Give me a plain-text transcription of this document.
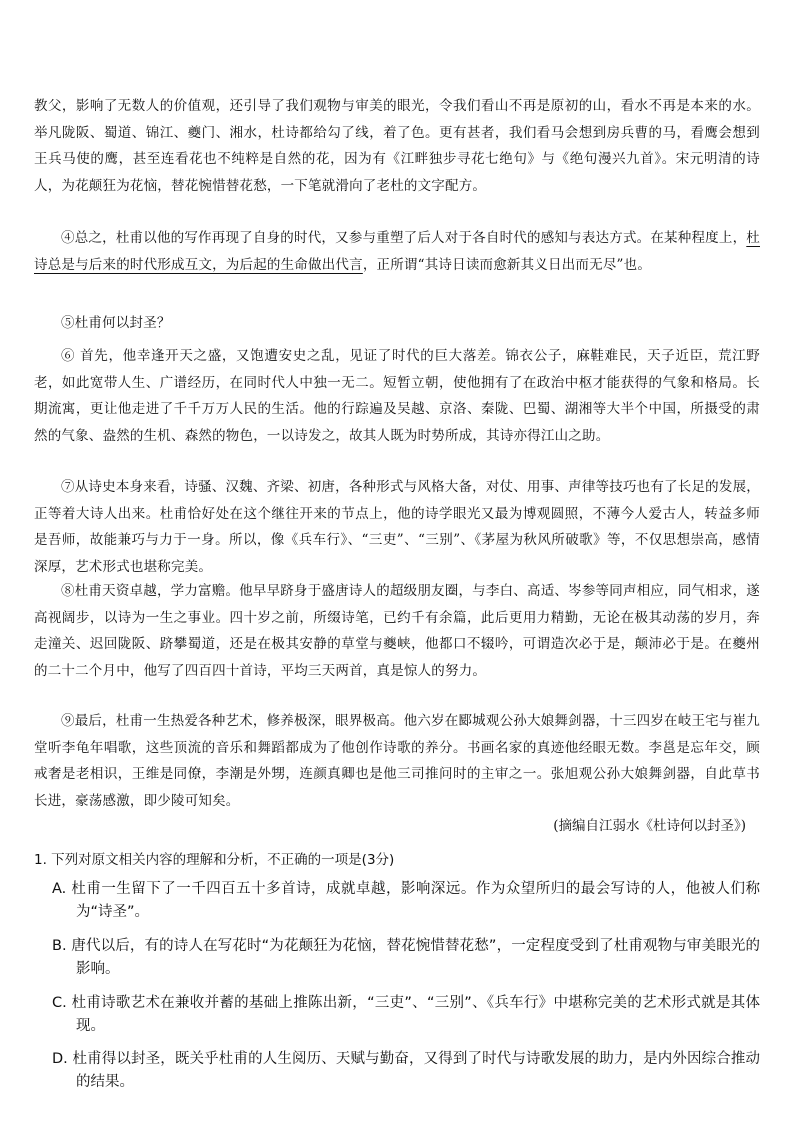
教父，影响了无数人的价值观，还引导了我们观物与审美的眼光，令我们看山不再是原初的山，看水不再是本来的水。举凡陇阪、蜀道、锦江、夔门、湘水，杜诗都给勾了线，着了色。更有甚者，我们看马会想到房兵曹的马，看鹰会想到王兵马使的鹰，甚至连看花也不纯粹是自然的花，因为有《江畔独步寻花七绝句》与《绝句漫兴九首》。宋元明清的诗人，为花颠狂为花恼，替花惋惜替花愁，一下笔就滑向了老杜的文字配方。

④总之，杜甫以他的写作再现了自身的时代，又参与重塑了后人对于各自时代的感知与表达方式。在某种程度上，杜诗总是与后来的时代形成互文，为后起的生命做出代言，正所谓“其诗日读而愈新其义日出而无尽”也。

⑤杜甫何以封圣？

⑥ 首先，他幸逢开天之盛，又饱遭安史之乱，见证了时代的巨大落差。锦衣公子，麻鞋难民，天子近臣，荒江野老，如此宽带人生、广谱经历，在同时代人中独一无二。短暂立朝，使他拥有了在政治中枢才能获得的气象和格局。长期流寓，更让他走进了千千万万人民的生活。他的行踪遍及吴越、京洛、秦陇、巴蜀、湖湘等大半个中国，所摄受的肃然的气象、盎然的生机、森然的物色，一以诗发之，故其人既为时势所成，其诗亦得江山之助。

⑦从诗史本身来看，诗骚、汉魏、齐梁、初唐，各种形式与风格大备，对仗、用事、声律等技巧也有了长足的发展，正等着大诗人出来。杜甫恰好处在这个继往开来的节点上，他的诗学眼光又最为博观圆照，不薄今人爱古人，转益多师是吾师，故能兼巧与力于一身。所以，像《兵车行》、“三吏”、“三别”、《茅屋为秋风所破歌》等，不仅思想崇高，感情深厚，艺术形式也堪称完美。

⑧杜甫天资卓越，学力富赡。他早早跻身于盛唐诗人的超级朋友圈，与李白、高适、岑参等同声相应，同气相求，遂高视阔步，以诗为一生之事业。四十岁之前，所缀诗笔，已约千有余篇，此后更用力精勤，无论在极其动荡的岁月，奔走潼关、迟回陇阪、跻攀蜀道，还是在极其安静的草堂与夔峡，他都口不辍吟，可谓造次必于是，颠沛必于是。在夔州的二十二个月中，他写了四百四十首诗，平均三天两首，真是惊人的努力。

⑨最后，杜甫一生热爱各种艺术，修养极深，眼界极高。他六岁在郾城观公孙大娘舞剑器，十三四岁在岐王宅与崔九堂听李龟年唱歌，这些顶流的音乐和舞蹈都成为了他创作诗歌的养分。书画名家的真迹他经眼无数。李邕是忘年交，顾戒奢是老相识，王维是同僚，李潮是外甥，连颜真卿也是他三司推问时的主审之一。张旭观公孙大娘舞剑器，自此草书长进，豪荡感激，即少陵可知矣。

(摘编自江弱水《杜诗何以封圣》)

1. 下列对原文相关内容的理解和分析，不正确的一项是(3分)

A. 杜甫一生留下了一千四百五十多首诗，成就卓越，影响深远。作为众望所归的最会写诗的人，他被人们称为“诗圣”。

B. 唐代以后，有的诗人在写花时“为花颠狂为花恼，替花惋惜替花愁”，一定程度受到了杜甫观物与审美眼光的影响。

C. 杜甫诗歌艺术在兼收并蓄的基础上推陈出新，“三吏”、“三别”、《兵车行》中堪称完美的艺术形式就是其体现。

D. 杜甫得以封圣，既关乎杜甫的人生阅历、天赋与勤奋，又得到了时代与诗歌发展的助力，是内外因综合推动的结果。
